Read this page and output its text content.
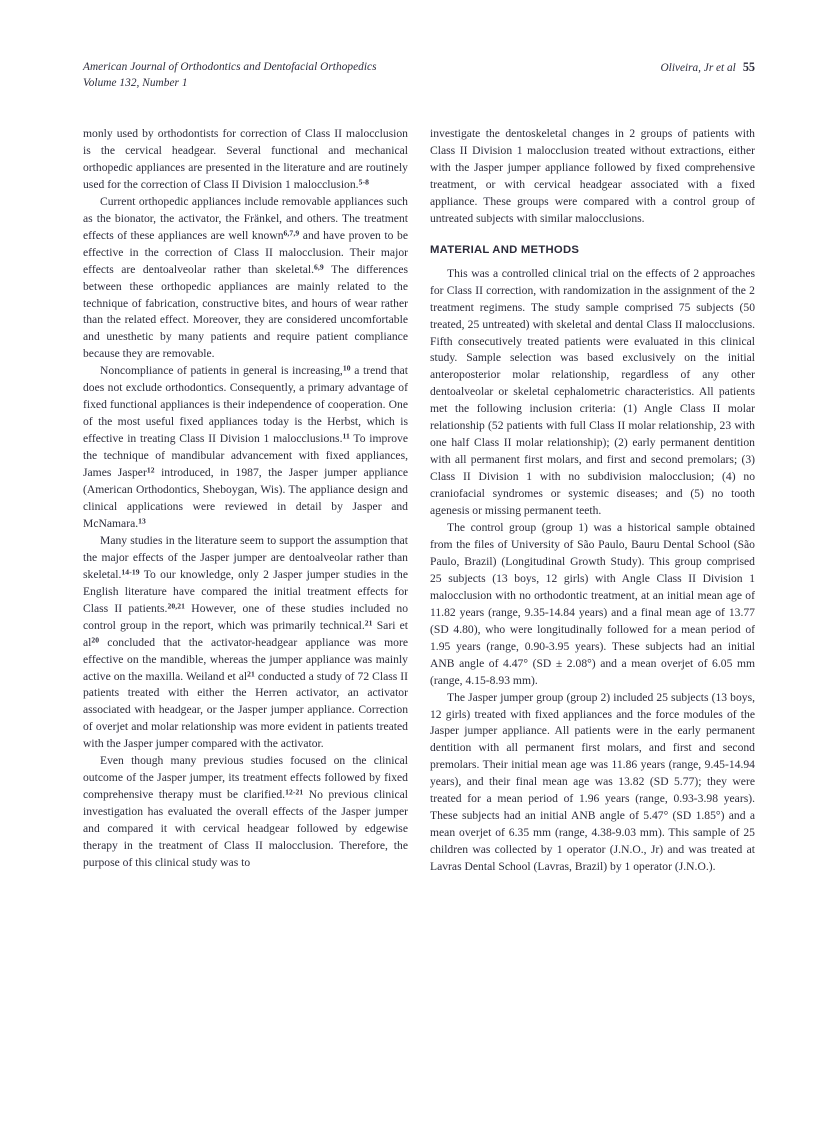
American Journal of Orthodontics and Dentofacial Orthopedics
Volume 132, Number 1
Oliveira, Jr et al 55

monly used by orthodontists for correction of Class II malocclusion is the cervical headgear. Several functional and mechanical orthopedic appliances are presented in the literature and are routinely used for the correction of Class II Division 1 malocclusion.$^{5-8}$

Current orthopedic appliances include removable appliances such as the bionator, the activator, the Fränkel, and others. The treatment effects of these appliances are well known$^{6,7,9}$ and have proven to be effective in the correction of Class II malocclusion. Their major effects are dentoalveolar rather than skeletal.$^{6,9}$ The differences between these orthopedic appliances are mainly related to the technique of fabrication, constructive bites, and hours of wear rather than the related effect. Moreover, they are considered uncomfortable and unesthetic by many patients and require patient compliance because they are removable.

Noncompliance of patients in general is increasing,$^{10}$ a trend that does not exclude orthodontics. Consequently, a primary advantage of fixed functional appliances is their independence of cooperation. One of the most useful fixed appliances today is the Herbst, which is effective in treating Class II Division 1 malocclusions.$^{11}$ To improve the technique of mandibular advancement with fixed appliances, James Jasper$^{12}$ introduced, in 1987, the Jasper jumper appliance (American Orthodontics, Sheboygan, Wis). The appliance design and clinical applications were reviewed in detail by Jasper and McNamara.$^{13}$

Many studies in the literature seem to support the assumption that the major effects of the Jasper jumper are dentoalveolar rather than skeletal.$^{14-19}$ To our knowledge, only 2 Jasper jumper studies in the English literature have compared the initial treatment effects for Class II patients.$^{20,21}$ However, one of these studies included no control group in the report, which was primarily technical.$^{21}$ Sari et al$^{20}$ concluded that the activator-headgear appliance was more effective on the mandible, whereas the jumper appliance was mainly active on the maxilla. Weiland et al$^{21}$ conducted a study of 72 Class II patients treated with either the Herren activator, an activator associated with headgear, or the Jasper jumper appliance. Correction of overjet and molar relationship was more evident in patients treated with the Jasper jumper compared with the activator.

Even though many previous studies focused on the clinical outcome of the Jasper jumper, its treatment effects followed by fixed comprehensive therapy must be clarified.$^{12-21}$ No previous clinical investigation has evaluated the overall effects of the Jasper jumper and compared it with cervical headgear followed by edgewise therapy in the treatment of Class II malocclusion. Therefore, the purpose of this clinical study was to

investigate the dentoskeletal changes in 2 groups of patients with Class II Division 1 malocclusion treated without extractions, either with the Jasper jumper appliance followed by fixed comprehensive treatment, or with cervical headgear associated with a fixed appliance. These groups were compared with a control group of untreated subjects with similar malocclusions.

MATERIAL AND METHODS

This was a controlled clinical trial on the effects of 2 approaches for Class II correction, with randomization in the assignment of the 2 treatment regimens. The study sample comprised 75 subjects (50 treated, 25 untreated) with skeletal and dental Class II malocclusions. Fifth consecutively treated patients were evaluated in this clinical study. Sample selection was based exclusively on the initial anteroposterior molar relationship, regardless of any other dentoalveolar or skeletal cephalometric characteristics. All patients met the following inclusion criteria: (1) Angle Class II molar relationship (52 patients with full Class II molar relationship, 23 with one half Class II molar relationship); (2) early permanent dentition with all permanent first molars, and first and second premolars; (3) Class II Division 1 with no subdivision malocclusion; (4) no craniofacial syndromes or systemic diseases; and (5) no tooth agenesis or missing permanent teeth.

The control group (group 1) was a historical sample obtained from the files of University of São Paulo, Bauru Dental School (São Paulo, Brazil) (Longitudinal Growth Study). This group comprised 25 subjects (13 boys, 12 girls) with Angle Class II Division 1 malocclusion with no orthodontic treatment, at an initial mean age of 11.82 years (range, 9.35-14.84 years) and a final mean age of 13.77 (SD 4.80), who were longitudinally followed for a mean period of 1.95 years (range, 0.90-3.95 years). These subjects had an initial ANB angle of 4.47° (SD ± 2.08°) and a mean overjet of 6.05 mm (range, 4.15-8.93 mm).

The Jasper jumper group (group 2) included 25 subjects (13 boys, 12 girls) treated with fixed appliances and the force modules of the Jasper jumper appliance. All patients were in the early permanent dentition with all permanent first molars, and first and second premolars. Their initial mean age was 11.86 years (range, 9.45-14.94 years), and their final mean age was 13.82 (SD 5.77); they were treated for a mean period of 1.96 years (range, 0.93-3.98 years). These subjects had an initial ANB angle of 5.47° (SD 1.85°) and a mean overjet of 6.35 mm (range, 4.38-9.03 mm). This sample of 25 children was collected by 1 operator (J.N.O., Jr) and was treated at Lavras Dental School (Lavras, Brazil) by 1 operator (J.N.O.).
